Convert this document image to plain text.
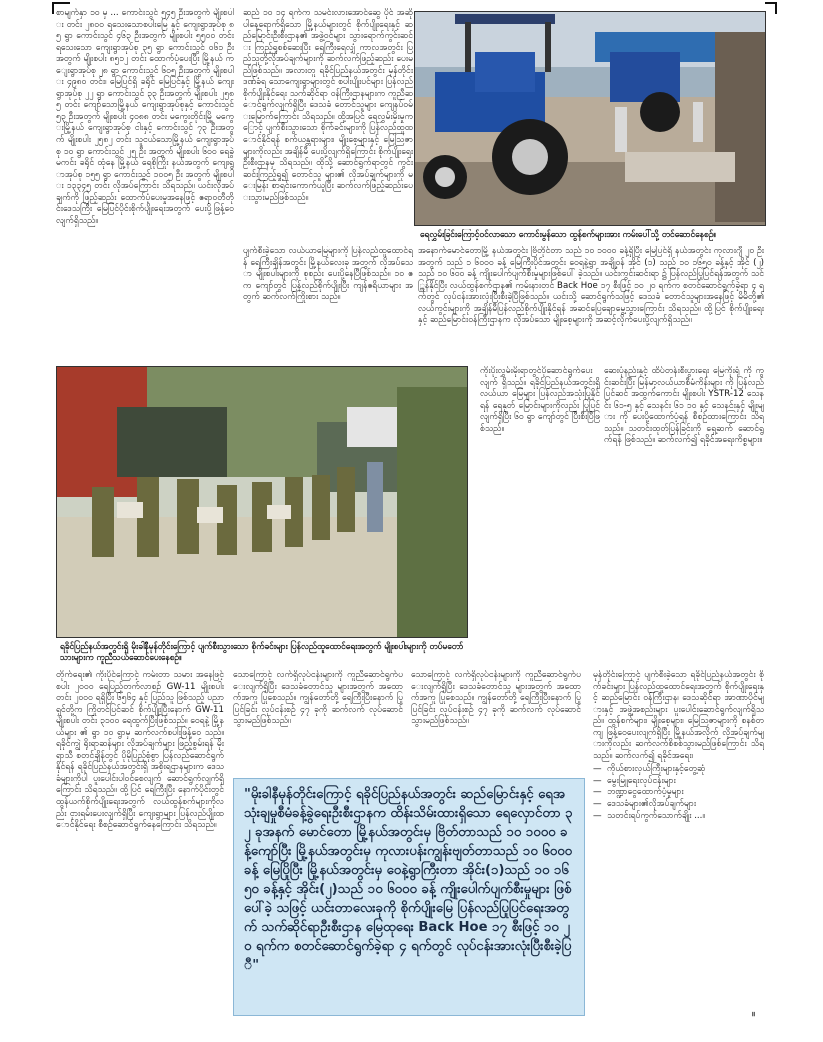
စာမျက်နှာ ၁၀ မှ ... ကောင်းသွင် ၅၄၅ ဦးအတွက် မျိုးစပါး တင်း ၂၈၀၀ ရသေးသောစပါးမြေ နှင့် ကျေးရွာအုပ်စု ၈၅ ရွာ ကောင်းသွင် ၄၆၃ ဦးအတွက် မျိုးစပါး ၅၅၀၀ တင်း ရသေးသော ကျေးရွာအုပ်စု ၃၅ ရွာ ကောင်းသွင် ၀၆၁ ဦးအတွက် မျိုးစပါး ၈၅၁၂ တင်း ထောက်ပံ့ပေးပြီး မြို့နယ် ကျေးရွာအုပ်စု ၂၈ ရွာ ကောင်းသွင် ၆၀၅ ဦးအတွက် မျိုးစပါး ၄၉၈၀ တင်း၊ မြေပြင်ရှိ ခရိုင် မြေပြင်နှင့် မြို့နယ် ကျေးရွာအုပ်စု ၂၂ ရွာ ကောင်းသွင် ၃၃ ဦးအတွက် မျိုးစပါး ၂၅၈၅ တင်း ကျော်သောမြို့နယ် ကျေးရွာအုပ်စုနှင့် ကောင်းသွင် ၅၃ ဦးအတွက် မျိုးစပါး ၄၀၈၈ တင်း မကွေးတိုင်းမြို့ မကွေးမြို့နယ် ကျေးရွာအုပ်စု ငါးနှင့် ကောင်းသွင် ၇၃ ဦးအတွက် မျိုးစပါး ၂၅၈၂ တင်း သူငယ်သောမြို့နယ် ကျေးရွာအုပ်စု ၁၀ ရွာ ကောင်းသွင် ၂၅ ဦး အတွက် မျိုးစပါး ၆၀၀ ရေခွဲမကင်း ခရိုင် ထုံနေ မြို့နယ် ရေစိုကြိုး နယ်အတွက် ကျေးရွာအုပ်စု ၁၅၅ ရွာ ကောင်းသွင် ၁၀၀၅ ဦး အတွက် မျိုးစပါး ၁၃၃၄၅ တင်း လိုအပ်ကြောင်း သိရသည်။ ယင်းလိုအပ်ချက်ကို ဖြည့်ဆည်း ထောက်ပံ့ပေးမှုအနေဖြင့် ဧရာဝတီတိုင်းဒေသကြီး မြေပြင်ပိုင်းစိုက်ပျိုးရေးအတွက် ပေးပို့ဖြန့်ဝေလျက်ရှိသည်။

ဆည် ၁၀ ၁၄ ရက်က သမင်းလားအောင်ဆွေ ပိုင် အဆိုပါနေ့ရောက်ရှိသော မြို့နယ်များတွင် စိုက်ပျိုးရေးနှင့် ဆည်မြောင်းဦးစီးဌာန၏ အဖွဲ့ဝင်များ သွားရောက်ကွင်းဆင်း ကြည့်ရှုစစ်ဆေးပြီး ရေကြီးရေလျှံ ကာလအတွင်း ပြည်သူတို့လိုအပ်ချက်များကို ဆက်လက်ဖြည့်ဆည်း ပေးမည်ဖြစ်သည်။ အလားတူ ရခိုင်ပြည်နယ်အတွင်း မုန်တိုင်းဒဏ်ခံရ သောကျေးရွာများတွင် စပါးပျိုးပင်များ ပြန်လည်စိုက်ပျိုးနိုင်ရေး သက်ဆိုင်ရာ ဝန်ကြီးဌာနများက ကူညီဆောင်ရွက်လျက်ရှိပြီး ဒေသခံ တောင်သူများ ကျေနပ်ဝမ်းမြောက်ကြောင်း သိရသည်။ ထို့အပြင် ရေလွှမ်းမိုးမှုကြောင့် ပျက်စီးသွားသော စိုက်ခင်းများကို ပြန်လည်ထူထောင်နိုင်ရန် စက်ယန္တရားများ၊ မျိုးစေ့များနှင့် မြေဩဇာများကိုလည်း အချိန်မီ ပေးပို့လျက်ရှိကြောင်း စိုက်ပျိုးရေးဦးစီးဌာနမှ သိရသည်။ ထိုသို့ ဆောင်ရွက်ရာတွင် ကွင်းဆင်းကြည့်ရှု၍ တောင်သူ များ၏ လိုအပ်ချက်များကို မေးမြန်း စာရင်းကောက်ယူပြီး ဆက်လက်ဖြည့်ဆည်းပေးသွားမည်ဖြစ်သည်။

ရေလွှမ်းခြင်းကြောင့်ဝင်လာသော ကောင်းမွန်သော ထွန်စက်များအား ကမ်းပေါ်သို့ တင်ဆောင်နေစဉ်။

ပျက်စီးခဲ့သော လယ်ယာမြေများကို ပြန်လည်ထူထောင်ရန် ရေကြီးချိန်အတွင်း မြို့နယ်လေးခု အတွက် လိုအပ်သော မျိုးစပါးများကို စုစည်း ပေးပို့နေပြီဖြစ်သည်။ ၁၀ ဧက ကျော်တွင် ပြန်လည်စိုက်ပျိုးပြီး ကျန်ဧရိယာများ အတွက် ဆက်လက်ကြိုးစား သည်။

အနောက်မောင်တောမြို့ နယ်အတွင်း ဗြိတိုင်တာ သည် ၁၀ ၁၀၀၀ ခန့်ရှိပြီး မြေပြင်ရှိ နယ်အတွင်း ကုလားဂျီ ၂၀ ဦးအတွက် သည် ၁ ၆၀၀၀ ခန့် မြေကြီးပိုင်အတွင်း ဝေရနဲ့ရွာ အချို့ဝန် အိုင် (၁) သည် ၁၀ ၁၆၅၀ ခန့်နှင့် အိုင် (၂) သည် ၁၀ ၆၀၀ ခန့် ကျိုးပေါက်ပျက်စီးမှုများဖြစ်ပေါ် ခဲ့သည်။ ယင်းကွင်းဆင်းရာ ၌ ပြန်လည်ပြုပြင်ရန်အတွက် သင်္ကြန်နိုင်ပြီး လယ်ထွန်စက်ဌာန၏ ကမ်းနားတင် Back Hoe ၁၇ စီးဖြင့် ၁၀ ၂၀ ရက်က စတင်ဆောင်ရွက်ခဲ့ရာ ၄ ရက်တွင် လုပ်ငန်းအားလုံးပြီးစီးခဲ့ပြီဖြစ်သည်။ ယင်းသို့ ဆောင်ရွက်သဖြင့် ဒေသခံ တောင်သူများအနေဖြင့် မိမိတို့၏ လယ်ကွင်းများကို အချိန်မီပြန်လည်စိုက်ပျိုးနိုင်ရန် အဆင်ပြေချောမွေ့သွားကြောင်း သိရသည်။ ထို့ပြင် စိုက်ပျိုးရေးနှင့် ဆည်မြောင်းဝန်ကြီးဌာနက လိုအပ်သော မျိုးစေ့များကို အဆင့်လိုက်ပေးပို့လျက်ရှိသည်။

ရခိုင်ပြည်နယ်အတွင်းရှိ မိုးခါနီမုန်တိုင်းကြောင့် ပျက်စီးသွားသော စိုက်ခင်းများ ပြန်လည်ထူထောင်ရေးအတွက် မျိုးစပါးများကို တပ်မတော်သားများက ကူညီသယ်ဆောင်ပေးနေစဉ်။

ကိုးပိုးလွှမ်းမိုးရာတွင်ပိုဆောင်ရွက်ပေးလျက် ရှိသည်။ ရခိုင်ပြည်နယ်အတွင်းရှိ လယ်ယာ မြေများ ပြန်လည်အသုံးပြုနိုင်ရန် ရေနုတ် မြောင်းများကိုလည်း ပြုပြင်လျက်ရှိပြီး ၆၀ ရွာ ကျော်တွင် ပြီးစီးပြီဖြစ်သည်။

ဆေးပုံနည်းနှင့် ထိပ်တန်းစီးပွားရေး မြေကိုးရုံ ကို ကွင်းဆင်းပြီး မြန်မာ့လယ်ယာစီမံကိန်းများ ကို ပြန်လည်ပြင်ဆင် အထွက်ကောင်း မျိုးစပါး YSTR-12 သေနင်း ၆၁-၅ နှင့် သေနင်း ၆၁ ၁၀ နှင့် သေနင်းနှင့် မျိုးများ ကို ပေးပို့ထောက်ပံ့ရန် စီစဉ်ထားကြောင်း သိရသည်။ သတင်းထုတ်ပြန်ခြင်းကို ရှေ့ဆက် ဆောင်ရွက်ရန် ဖြစ်သည်။ ဆက်လက်၍ ရခိုင်အရေးကိစ္စများ။

တိုက်ရေး၏ ကိုးပိုင်ကြောင့် ကမ်းတာ သမား အနေဖြင့် စပါး ၂၀၀၀ ရေပြည့်တက်လာစဉ် GW-11 မျိုးစပါး တင်း ၂၀၀၀ ရရှိပြီး ၆၅၆၄ နှင့် ပြည်သူ ဖြစ်သည့် ပညာရှင်တို့က ကြိုတင်ပြင်ဆင် စိုက်ပျိုးပြီးနောက် GW-11 မျိုးစပါး တင်း ၃၁၀၀ ရေထွက်ပြီးဖြစ်သည်။ ဝေရနဲ့ မြို့နယ်များ ၏ ရွာ ၁၀ ရွာမှ ဆက်လက်စပါးဖြန့်ဝေ သည်။ ရခိုင်ကျွဲ ရိုးရာဆန်များ လိုအပ်ချက်များ ဖြည့်စွမ်းရန် မိုးရာသီ စတင်ချိန်တွင် ပိုမိုပြည့်စုံစွာ ပြန်လည်ဆောင်ရွက်နိုင်ရန် ရခိုင်ပြည်နယ်အတွင်းရှိ အစိုးရဌာနများက ဒေသခံများကိုပါ ပူးပေါင်းပါဝင်စေလျက် ဆောင်ရွက်လျက်ရှိကြောင်း သိရသည်။ ထို့ပြင် ရေကြီးပြီး နောက်ပိုင်းတွင် ထွန်ယက်စိုက်ပျိုးရေးအတွက် လယ်ထွန်စက်များကိုလည်း ငှားရမ်းပေးလျက်ရှိပြီး ကျေးရွာများ ပြန်လည်ပျိုးထောင်နိုင်ရေး စီစဉ်ဆောင်ရွက်နေကြောင်း သိရသည်။

သောကြောင့် လက်ရှိလုပ်ငန်းများကို ကူညီဆောင်ရွက်ပေးလျက်ရှိပြီး ဒေသခံတောင်သူ များအတွက် အထောက်အကူ ပြုစေသည်။ ကျွန်တော်တို့ ရေကြီးပြီးနောက် ပြုပြင်ခြင်း လုပ်ငန်းစဉ် ၄၇ ခုကို ဆက်လက် လုပ်ဆောင်သွားမည်ဖြစ်သည်။

သောကြောင့် လက်ရှိလုပ်ငန်းများကို ကူညီဆောင်ရွက်ပေးလျက်ရှိပြီး ဒေသခံတောင်သူ များအတွက် အထောက်အကူ ပြုစေသည်။ ကျွန်တော်တို့ ရေကြီးပြီးနောက် ပြုပြင်ခြင်း လုပ်ငန်းစဉ် ၄၇ ခုကို ဆက်လက် လုပ်ဆောင်သွားမည်ဖြစ်သည်။

မုန်တိုင်းကြောင့် ပျက်စီးခဲ့သော ရခိုင်ပြည်နယ်အတွင်း စိုက်ခင်းများ ပြန်လည်ထူထောင်ရေးအတွက် စိုက်ပျိုးရေးနှင့် ဆည်မြောင်း ဝန်ကြီးဌာန၊ ဒေသဆိုင်ရာ အာဏာပိုင်များနှင့် အဖွဲ့အစည်းများ ပူးပေါင်းဆောင်ရွက်လျက်ရှိသည်။ ထွန်စက်များ၊ မျိုးစေ့များ၊ မြေဩဇာများကို စနစ်တကျ ဖြန့်ဝေပေးလျက်ရှိပြီး မြို့နယ်အလိုက် လိုအပ်ချက်များကိုလည်း ဆက်လက်စိစစ်သွားမည်ဖြစ်ကြောင်း သိရသည်။ ဆက်လက်၍ ရခိုင်အရေး၊

— ကိုယ်စားလှယ်ကြီးများနှင့်တွေ့ဆုံ
— မွေးမြူရေးလုပ်ငန်းများ
— ဘဏ္ဍာငွေထောက်ပံ့မှုများ
— ဒေသခံများ၏လိုအပ်ချက်များ
— သတင်းရပ်ကွက်သောက်ချိုး ...။
"မိုးခါနီမုန်တိုင်းကြောင့် ရခိုင်ပြည်နယ်အတွင်း ဆည်မြောင်းနှင့် ရေအသုံးချမှုစီမံခန့်ခွဲရေးဦးစီးဌာနက ထိန်းသိမ်းထားရှိသော ရေလှောင်တာ ၃၂ ခုအနက် မောင်တော မြို့နယ်အတွင်းမှ ဗြိတ်တာသည် ၁၀ ၁၀၀၀ ခန့်ကျော်ပြီး မြို့နယ်အတွင်းမှ ကုလားပန်းကျွန်းဗျတ်တာသည် ၁၀ ၆၀၀၀ ခန့် မြေပြိုပြီး မြို့နယ်အတွင်းမှ ဝေနဲ့ရွာကြီးတာ အိုင်း(၁)သည် ၁၀ ၁၆၅၀ ခန့်နှင့် အိုင်း(၂)သည် ၁၀ ၆၀၀၀ ခန့် ကျိုးပေါက်ပျက်စီးမှုများ ဖြစ်ပေါ်ခဲ့ သဖြင့် ယင်းတာလေးခုကို စိုက်ပျိုးမြေ ပြန်လည်ပြုပြင်ရေးအတွက် သက်ဆိုင်ရာဦးစီးဌာန မြေထုရေး Back Hoe ၁၇ စီးဖြင့် ၁၀ ၂၀ ရက်က စတင်ဆောင်ရွက်ခဲ့ရာ ၄ ရက်တွင် လုပ်ငန်းအားလုံးပြီးစီးခဲ့ပြီ"
။
